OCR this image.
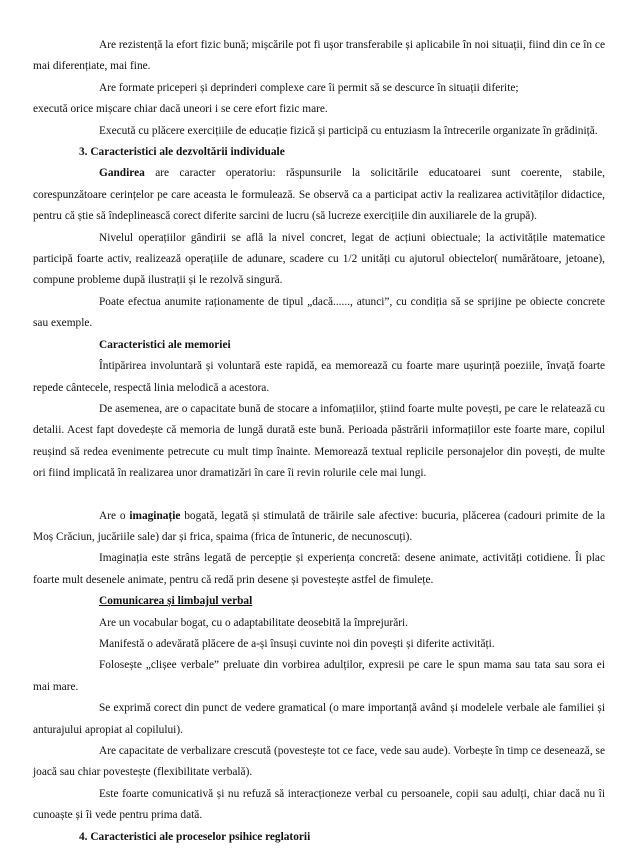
Are rezistență la efort fizic bună; mișcările pot fi ușor transferabile și aplicabile în noi situații, fiind din ce în ce mai diferențiate, mai fine.

Are formate priceperi și deprinderi complexe care îi permit să se descurce în situații diferite;

execută orice mișcare chiar dacă uneori i se cere efort fizic mare.

Execută cu plăcere exercițiile de educație fizică și participă cu entuziasm la întrecerile organizate în grădiniță.

3. Caracteristici ale dezvoltării individuale

Gandirea are caracter operatoriu: răspunsurile la solicitările educatoarei sunt coerente, stabile, corespunzătoare cerințelor pe care aceasta le formulează. Se observă ca a participat activ la realizarea activităților didactice, pentru că știe să îndeplinească corect diferite sarcini de lucru (să lucreze exercițiile din auxiliarele de la grupă).

Nivelul operațiilor gândirii se află la nivel concret, legat de acțiuni obiectuale; la activitățile matematice participă foarte activ, realizează operațiile de adunare, scadere cu 1/2 unități cu ajutorul obiectelor( numărătoare, jetoane), compune probleme după ilustrații și le rezolvă singură.

Poate efectua anumite raționamente de tipul „dacă......, atunci”, cu condiția să se sprijine pe obiecte concrete sau exemple.

Caracteristici ale memoriei

Întipărirea involuntară și voluntară este rapidă, ea memorează cu foarte mare ușurință poeziile, învață foarte repede cântecele, respectă linia melodică a acestora.

De asemenea, are o capacitate bună de stocare a infomațiilor, știind foarte multe povești, pe care le relatează cu detalii. Acest fapt dovedește că memoria de lungă durată este bună. Perioada păstrării informațiilor este foarte mare, copilul reușind să redea evenimente petrecute cu mult timp înainte. Memorează textual replicile personajelor din povești, de multe ori fiind implicată în realizarea unor dramatizări în care îi revin rolurile cele mai lungi.

Are o imaginație bogată, legată și stimulată de trăirile sale afective: bucuria, plăcerea (cadouri primite de la Moș Crăciun, jucăriile sale) dar și frica, spaima (frica de întuneric, de necunoscuți).

Imaginația este strâns legată de percepție și experiența concretă: desene animate, activități cotidiene. Îi plac foarte mult desenele animate, pentru că redă prin desene și povestește astfel de fimulețe.

Comunicarea și limbajul verbal

Are un vocabular bogat, cu o adaptabilitate deosebită la împrejurări.

Manifestă o adevărată plăcere de a-și însuși cuvinte noi din povești și diferite activități.

Folosește „clișee verbale” preluate din vorbirea adulților, expresii pe care le spun mama sau tata sau sora ei mai mare.

Se exprimă corect din punct de vedere gramatical (o mare importanță având și modelele verbale ale familiei și anturajului apropiat al copilului).

Are capacitate de verbalizare crescută (povestește tot ce face, vede sau aude). Vorbește în timp ce desenează, se joacă sau chiar povestește (flexibilitate verbală).

Este foarte comunicativă și nu refuză să interacționeze verbal cu persoanele, copii sau adulți, chiar dacă nu îi cunoaște și îi vede pentru prima dată.

4. Caracteristici ale proceselor psihice reglatorii
